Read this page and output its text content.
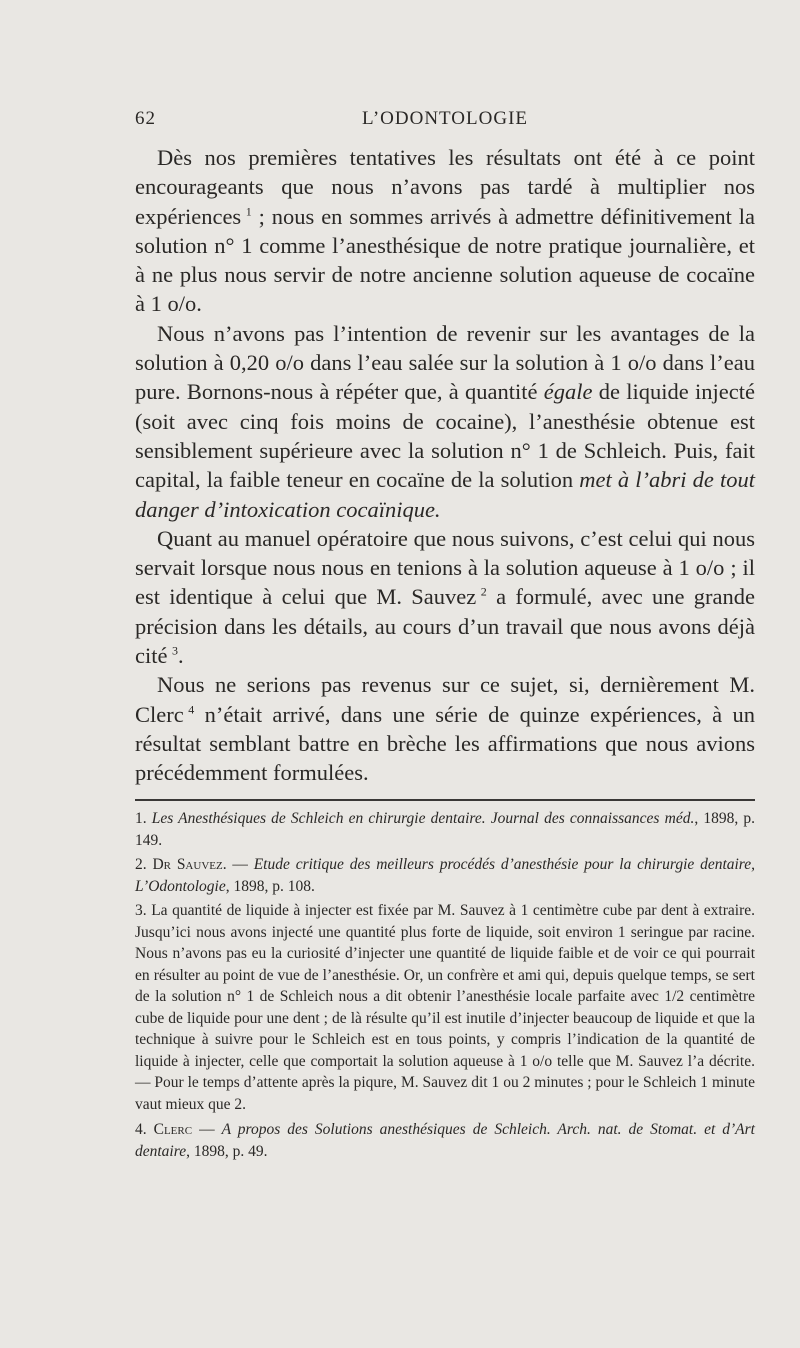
62	L’ODONTOLOGIE

Dès nos premières tentatives les résultats ont été à ce point encourageants que nous n’avons pas tardé à multiplier nos expériences  $^1$ ; nous en sommes arrivés à admettre définitivement la solution n° 1 comme l’anesthésique de notre pratique journalière, et à ne plus nous servir de notre ancienne solution aqueuse de cocaïne à 1 o/o.

Nous n’avons pas l’intention de revenir sur les avantages de la solution à 0,20 o/o dans l’eau salée sur la solution à 1 o/o dans l’eau pure. Bornons-nous à répéter que, à quantité égale de liquide injecté (soit avec cinq fois moins de cocaine), l’anesthésie obtenue est sensiblement supérieure avec la solution n° 1 de Schleich. Puis, fait capital, la faible teneur en cocaïne de la solution met à l’abri de tout danger d’intoxication cocaïnique.

Quant au manuel opératoire que nous suivons, c’est celui qui nous servait lorsque nous nous en tenions à la solution aqueuse à 1 o/o ; il est identique à celui que M. Sauvez  $^2$ a formulé, avec une grande précision dans les détails, au cours d’un travail que nous avons déjà cité  $^3$.

Nous ne serions pas revenus sur ce sujet, si, dernièrement M. Clerc  $^4$ n’était arrivé, dans une série de quinze expériences, à un résultat semblant battre en brèche les affirmations que nous avions précédemment formulées.

1. Les Anesthésiques de Schleich en chirurgie dentaire. Journal des connaissances méd., 1898, p. 149.

2. Dr Sauvez. — Etude critique des meilleurs procédés d’anesthésie pour la chirurgie dentaire, L’Odontologie, 1898, p. 108.

3. La quantité de liquide à injecter est fixée par M. Sauvez à 1 centimètre cube par dent à extraire. Jusqu’ici nous avons injecté une quantité plus forte de liquide, soit environ 1 seringue par racine. Nous n’avons pas eu la curiosité d’injecter une quantité de liquide faible et de voir ce qui pourrait en résulter au point de vue de l’anesthésie. Or, un confrère et ami qui, depuis quelque temps, se sert de la solution n° 1 de Schleich nous a dit obtenir l’anesthésie locale parfaite avec 1/2 centimètre cube de liquide pour une dent ; de là résulte qu’il est inutile d’injecter beaucoup de liquide et que la technique à suivre pour le Schleich est en tous points, y compris l’indication de la quantité de liquide à injecter, celle que comportait la solution aqueuse à 1 o/o telle que M. Sauvez l’a décrite. — Pour le temps d’attente après la piqure, M. Sauvez dit 1 ou 2 minutes ; pour le Schleich 1 minute vaut mieux que 2.

4. Clerc — A propos des Solutions anesthésiques de Schleich. Arch. nat. de Stomat. et d’Art dentaire, 1898, p. 49.
